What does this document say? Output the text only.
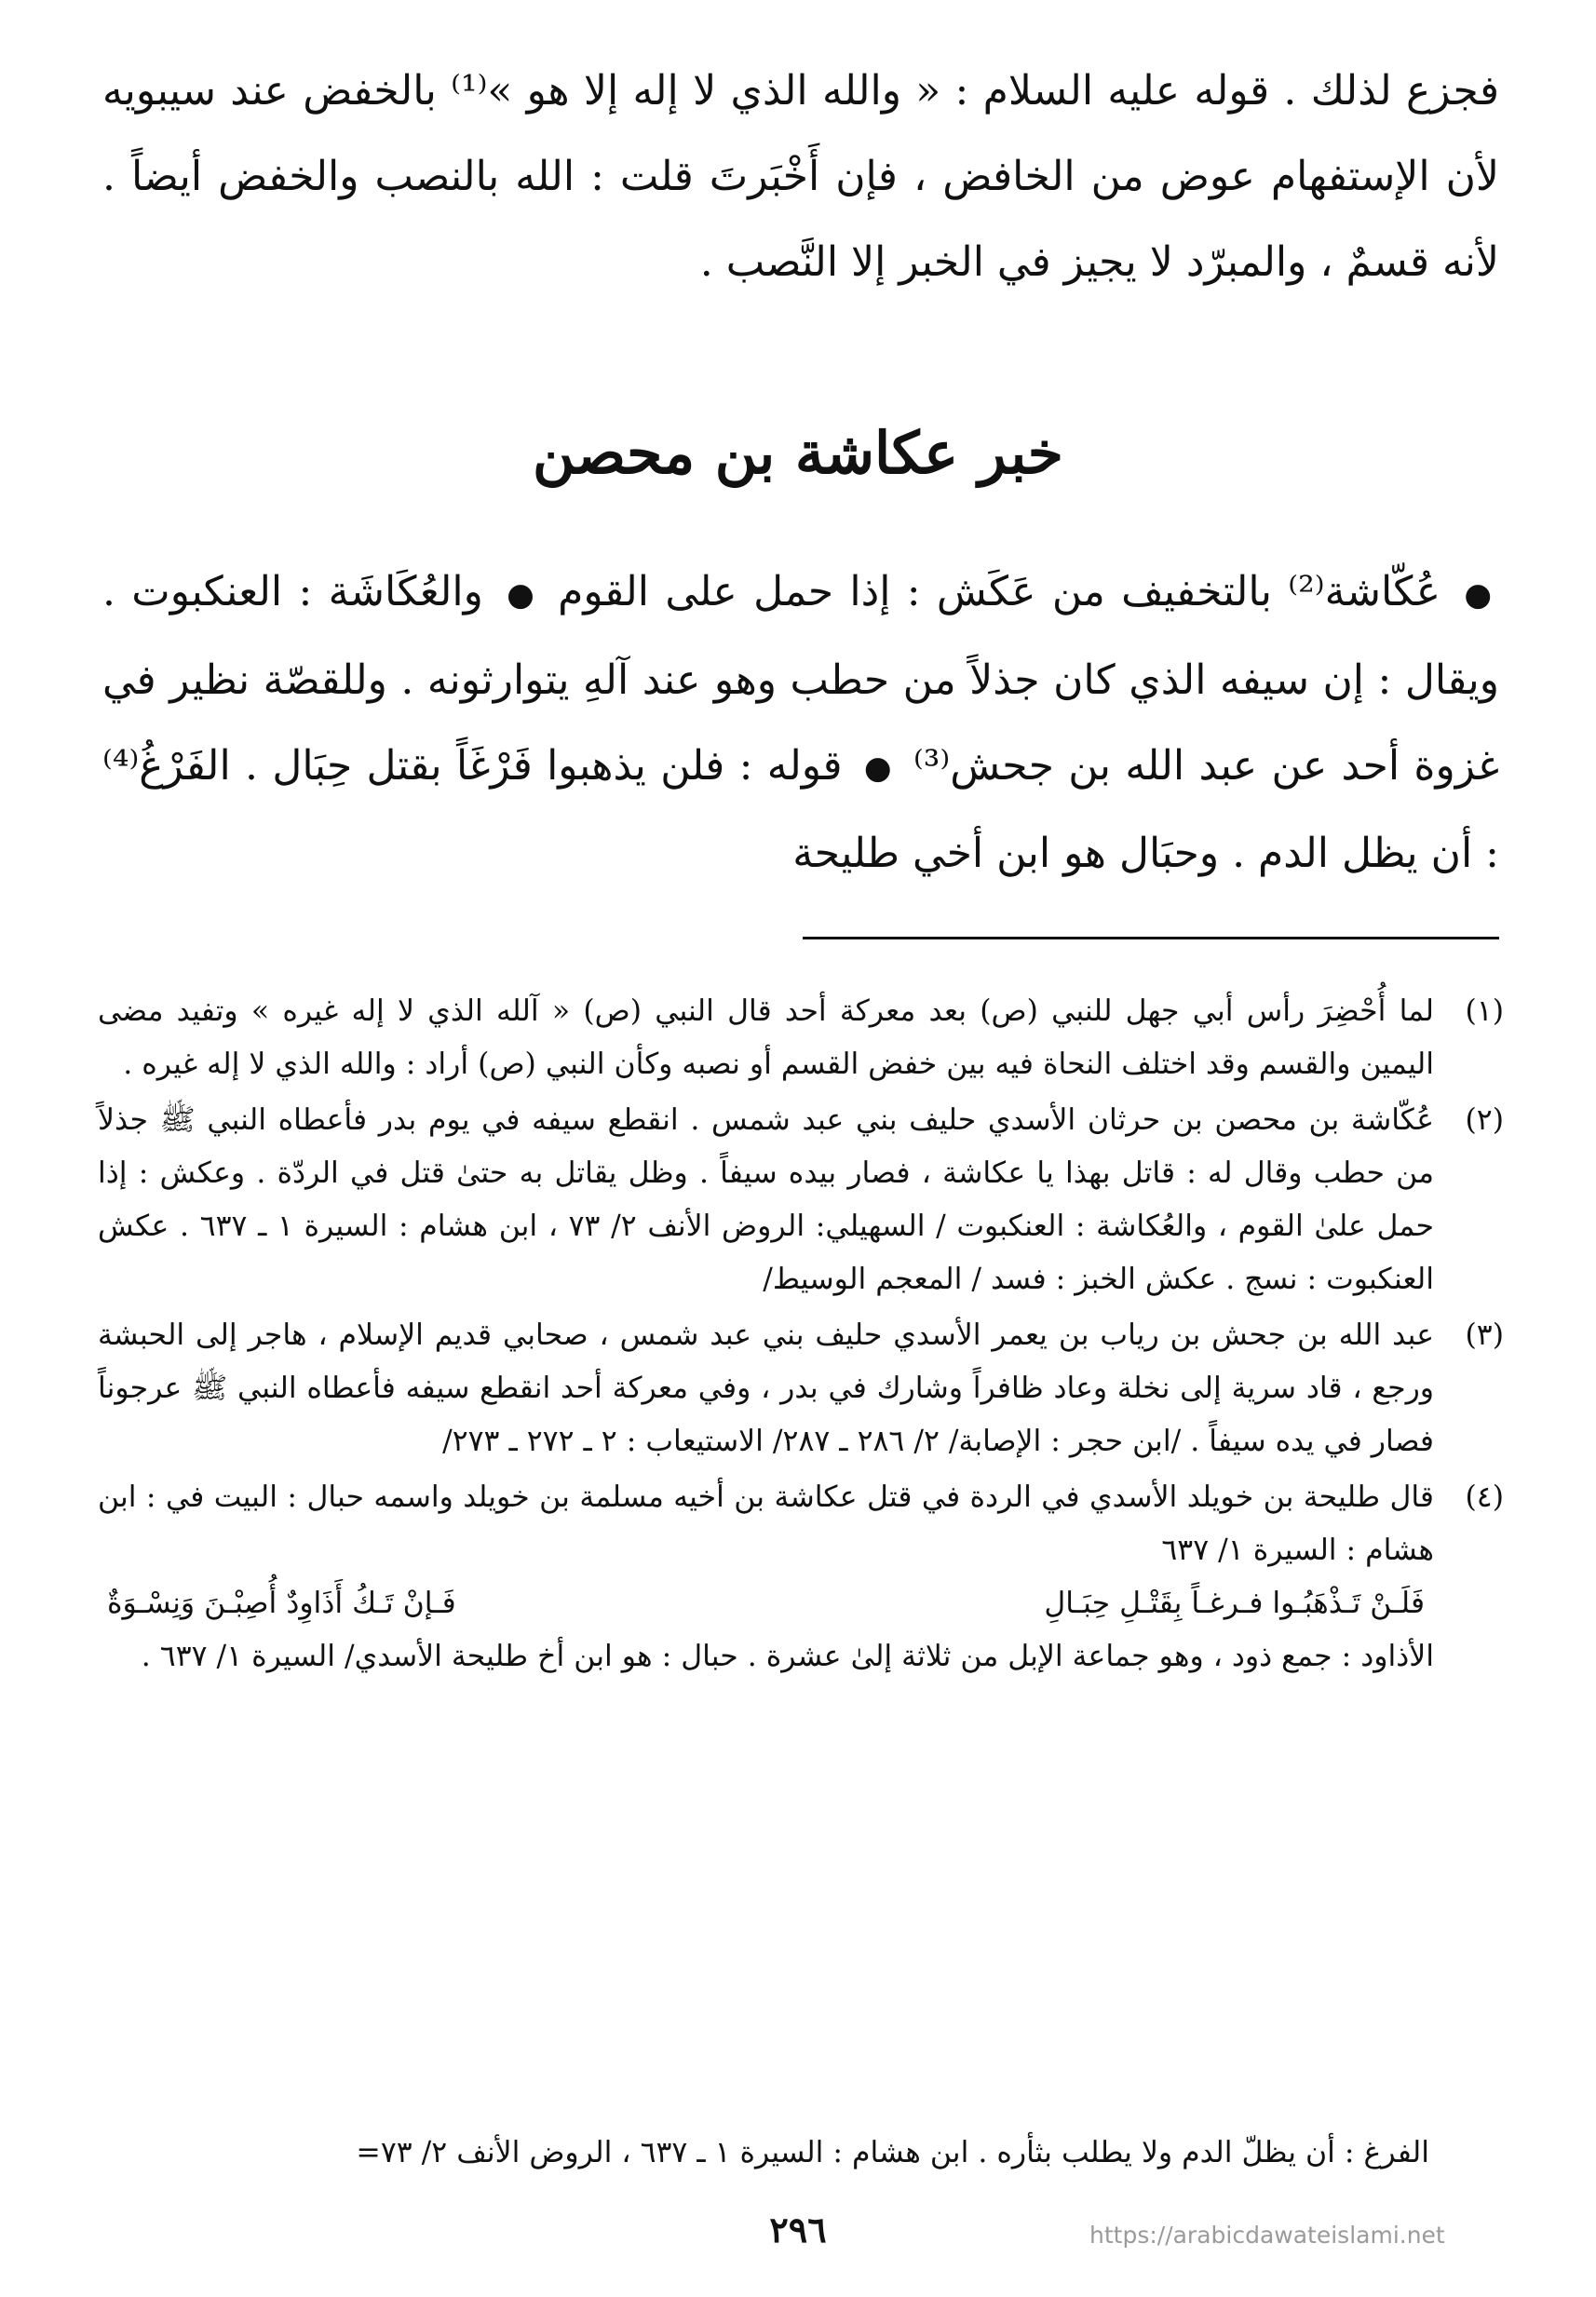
فجزع لذلك . قوله عليه السلام : « والله الذي لا إله إلا هو »⁽¹⁾ بالخفض عند سيبويه لأن الإستفهام عوض من الخافض ، فإن أَخْبَرتَ قلت : الله بالنصب والخفض أيضاً . لأنه قسمٌ ، والمبرّد لا يجيز في الخبر إلا النَّصب .
خبر عكاشة بن محصن
● عُكّاشة⁽²⁾ بالتخفيف من عَكَش : إذا حمل على القوم ● والعُكَاشَة : العنكبوت . ويقال : إن سيفه الذي كان جذلاً من حطب وهو عند آلهِ يتوارثونه . وللقصّة نظير في غزوة أحد عن عبد الله بن جحش⁽³⁾ ● قوله : فلن يذهبوا فَرْغَاً بقتل حِبَال . الفَرْغُ⁽⁴⁾ : أن يظل الدم . وحبَال هو ابن أخي طليحة
(١)
لما أُحْضِرَ رأس أبي جهل للنبي (ص) بعد معركة أحد قال النبي (ص) « آلله الذي لا إله غيره » وتفيد مضى اليمين والقسم وقد اختلف النحاة فيه بين خفض القسم أو نصبه وكأن النبي (ص) أراد : والله الذي لا إله غيره .
(٢)
عُكّاشة بن محصن بن حرثان الأسدي حليف بني عبد شمس . انقطع سيفه في يوم بدر فأعطاه النبي ﷺ جذلاً من حطب وقال له : قاتل بهذا يا عكاشة ، فصار بيده سيفاً . وظل يقاتل به حتىٰ قتل في الردّة . وعكش : إذا حمل علىٰ القوم ، والعُكاشة : العنكبوت / السهيلي: الروض الأنف ٢/ ٧٣ ، ابن هشام : السيرة ١ ـ ٦٣٧ . عكش العنكبوت : نسج . عكش الخبز : فسد / المعجم الوسيط/
(٣)
عبد الله بن جحش بن رياب بن يعمر الأسدي حليف بني عبد شمس ، صحابي قديم الإسلام ، هاجر إلى الحبشة ورجع ، قاد سرية إلى نخلة وعاد ظافراً وشارك في بدر ، وفي معركة أحد انقطع سيفه فأعطاه النبي ﷺ عرجوناً فصار في يده سيفاً . /ابن حجر : الإصابة/ ٢/ ٢٨٦ ـ ٢٨٧/ الاستيعاب : ٢ ـ ٢٧٢ ـ ٢٧٣/
(٤)
قال طليحة بن خويلد الأسدي في الردة في قتل عكاشة بن أخيه مسلمة بن خويلد واسمه حبال : البيت في : ابن هشام : السيرة ١/ ٦٣٧
فَـإنْ تَـكُ أَذَاوِدٌ أُصِبْـنَ وَنِسْـوَةٌ	فَلَـنْ تَـذْهَبُـوا فـرغـاً بِقَتْـلِ حِبَـالِ
الأذاود : جمع ذود ، وهو جماعة الإبل من ثلاثة إلىٰ عشرة . حبال : هو ابن أخ طليحة الأسدي/ السيرة ١/ ٦٣٧ .
الفرغ : أن يظلّ الدم ولا يطلب بثأره . ابن هشام : السيرة ١ ـ ٦٣٧ ، الروض الأنف ٢/ ٧٣=
٢٩٦	https://arabicdawateislami.net
